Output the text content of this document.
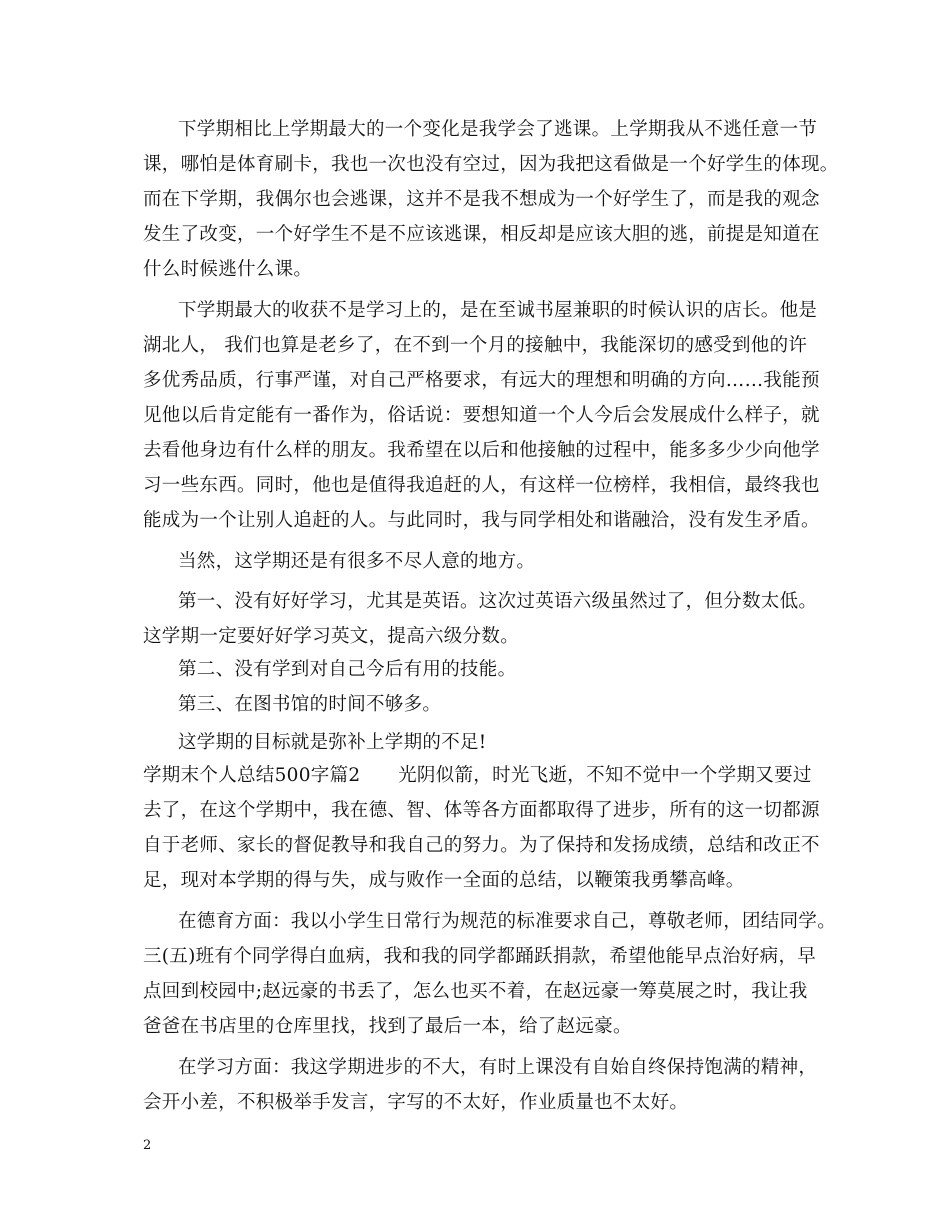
下学期相比上学期最大的一个变化是我学会了逃课。上学期我从不逃任意一节
课，哪怕是体育刷卡，我也一次也没有空过，因为我把这看做是一个好学生的体现。
而在下学期，我偶尔也会逃课，这并不是我不想成为一个好学生了，而是我的观念
发生了改变，一个好学生不是不应该逃课，相反却是应该大胆的逃，前提是知道在
什么时候逃什么课。
下学期最大的收获不是学习上的，是在至诚书屋兼职的时候认识的店长。他是
湖北人， 我们也算是老乡了，在不到一个月的接触中，我能深切的感受到他的许
多优秀品质，行事严谨，对自己严格要求，有远大的理想和明确的方向……我能预
见他以后肯定能有一番作为，俗话说：要想知道一个人今后会发展成什么样子，就
去看他身边有什么样的朋友。我希望在以后和他接触的过程中，能多多少少向他学
习一些东西。同时，他也是值得我追赶的人，有这样一位榜样，我相信，最终我也
能成为一个让别人追赶的人。与此同时，我与同学相处和谐融洽，没有发生矛盾。
当然，这学期还是有很多不尽人意的地方。
第一、没有好好学习，尤其是英语。这次过英语六级虽然过了，但分数太低。
这学期一定要好好学习英文，提高六级分数。
第二、没有学到对自己今后有用的技能。
第三、在图书馆的时间不够多。
这学期的目标就是弥补上学期的不足!
学期末个人总结500字篇2　　光阴似箭，时光飞逝，不知不觉中一个学期又要过
去了，在这个学期中，我在德、智、体等各方面都取得了进步，所有的这一切都源
自于老师、家长的督促教导和我自己的努力。为了保持和发扬成绩，总结和改正不
足，现对本学期的得与失，成与败作一全面的总结，以鞭策我勇攀高峰。
在德育方面：我以小学生日常行为规范的标准要求自己，尊敬老师，团结同学。
三(五)班有个同学得白血病，我和我的同学都踊跃捐款，希望他能早点治好病，早
点回到校园中;赵远豪的书丢了，怎么也买不着，在赵远豪一筹莫展之时，我让我
爸爸在书店里的仓库里找，找到了最后一本，给了赵远豪。
在学习方面：我这学期进步的不大，有时上课没有自始自终保持饱满的精神，
会开小差，不积极举手发言，字写的不太好，作业质量也不太好。
2
